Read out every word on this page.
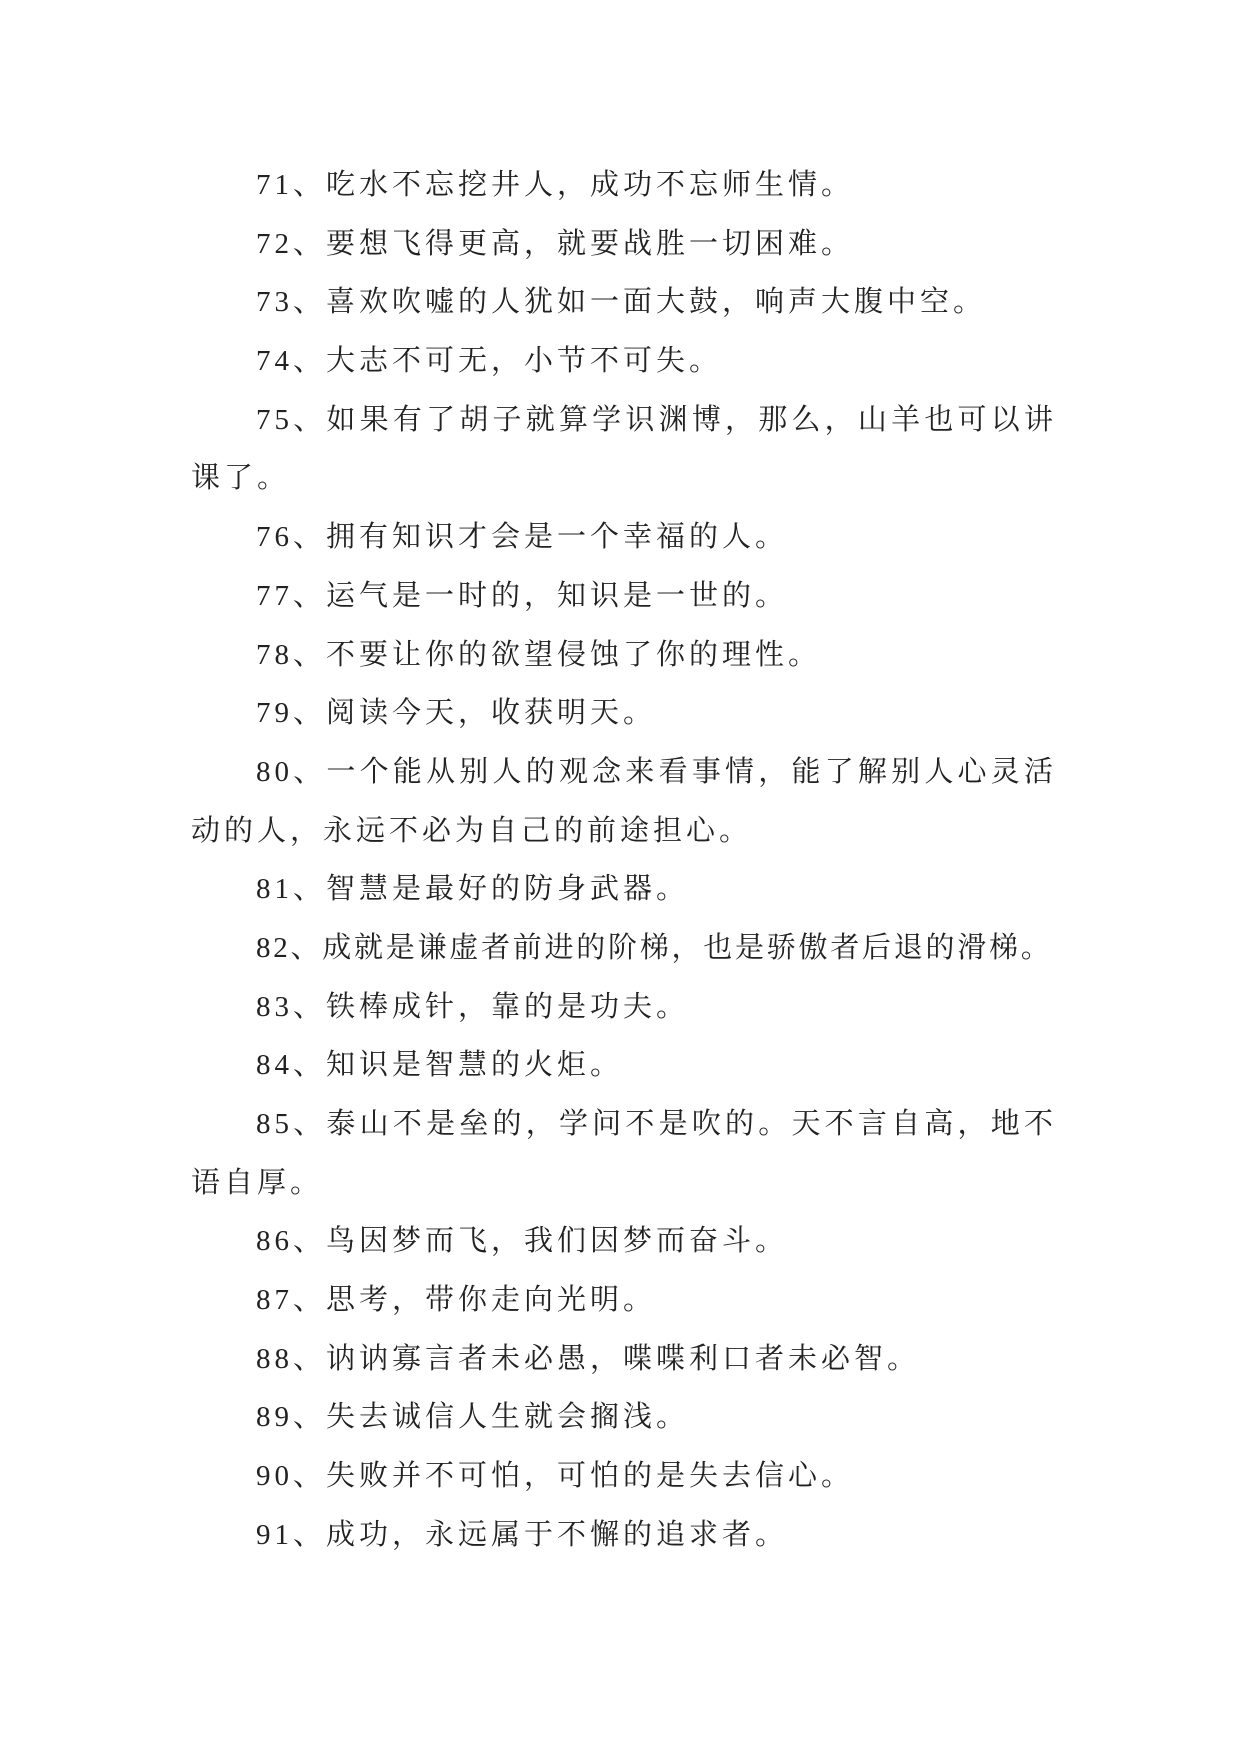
71、吃水不忘挖井人，成功不忘师生情。
72、要想飞得更高，就要战胜一切困难。
73、喜欢吹嘘的人犹如一面大鼓，响声大腹中空。
74、大志不可无，小节不可失。
75、如果有了胡子就算学识渊博，那么，山羊也可以讲
课了。
76、拥有知识才会是一个幸福的人。
77、运气是一时的，知识是一世的。
78、不要让你的欲望侵蚀了你的理性。
79、阅读今天，收获明天。
80、一个能从别人的观念来看事情，能了解别人心灵活
动的人，永远不必为自己的前途担心。
81、智慧是最好的防身武器。
82、成就是谦虚者前进的阶梯，也是骄傲者后退的滑梯。
83、铁棒成针，靠的是功夫。
84、知识是智慧的火炬。
85、泰山不是垒的，学问不是吹的。天不言自高，地不
语自厚。
86、鸟因梦而飞，我们因梦而奋斗。
87、思考，带你走向光明。
88、讷讷寡言者未必愚，喋喋利口者未必智。
89、失去诚信人生就会搁浅。
90、失败并不可怕，可怕的是失去信心。
91、成功，永远属于不懈的追求者。
